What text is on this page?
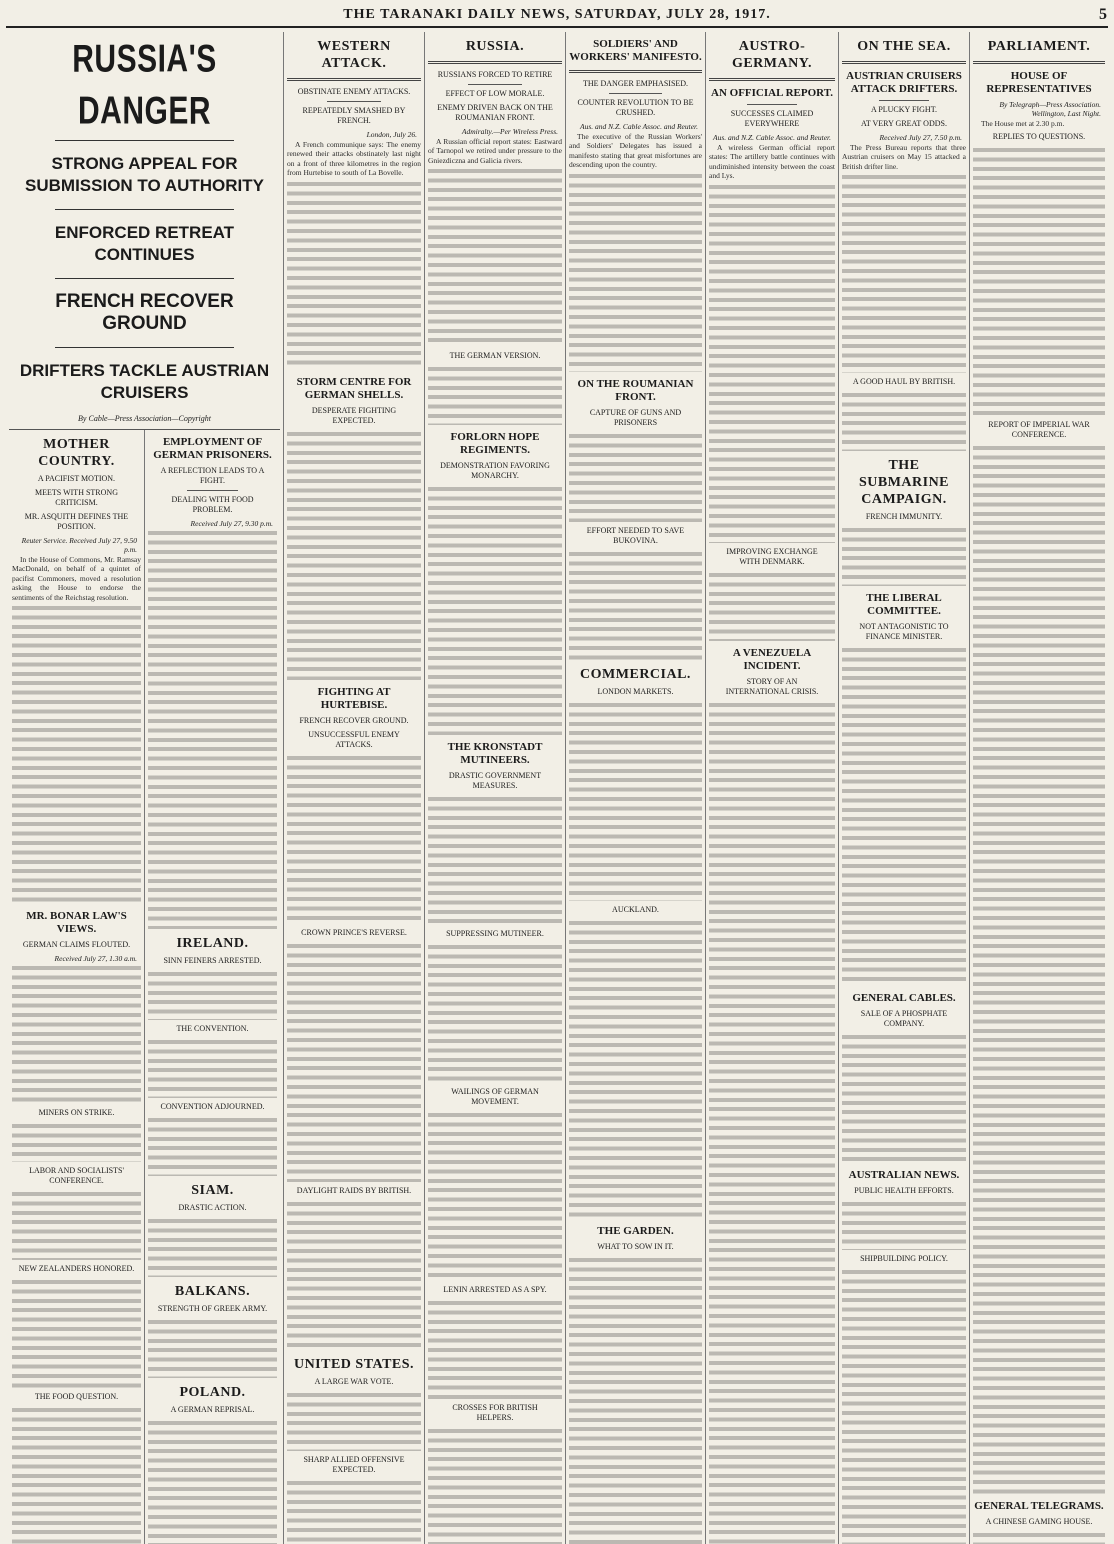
THE TARANAKI DAILY NEWS, SATURDAY, JULY 28, 1917.	5
RUSSIA'S DANGER
STRONG APPEAL FOR SUBMISSION TO AUTHORITY
ENFORCED RETREAT CONTINUES
FRENCH RECOVER GROUND
DRIFTERS TACKLE AUSTRIAN CRUISERS
By Cable—Press Association—Copyright
MOTHER COUNTRY.
A PACIFIST MOTION.
MEETS WITH STRONG CRITICISM.
MR. ASQUITH DEFINES THE POSITION.
Reuter Service. Received July 27, 9.50 p.m.

In the House of Commons, Mr. Ramsay MacDonald, on behalf of a quintet of pacifist Commoners, moved a resolution asking the House to endorse the sentiments of the Reichstag resolution.

MR. BONAR LAW'S VIEWS.
GERMAN CLAIMS FLOUTED.
Received July 27, 1.30 a.m.
MINERS ON STRIKE.
LABOR AND SOCIALISTS' CONFERENCE.
NEW ZEALANDERS HONORED.
THE FOOD QUESTION.
EMPLOYMENT OF GERMAN PRISONERS.
A REFLECTION LEADS TO A FIGHT.
DEALING WITH FOOD PROBLEM.
Received July 27, 9.30 p.m.
IRELAND.
SINN FEINERS ARRESTED.
THE CONVENTION.
CONVENTION ADJOURNED.
SIAM.
DRASTIC ACTION.
BALKANS.
STRENGTH OF GREEK ARMY.
POLAND.
A GERMAN REPRISAL.
WESTERN ATTACK.
OBSTINATE ENEMY ATTACKS.
REPEATEDLY SMASHED BY FRENCH.
London, July 26.

A French communique says: The enemy renewed their attacks obstinately last night on a front of three kilometres in the region from Hurtebise to south of La Bovelle.

STORM CENTRE FOR GERMAN SHELLS.
DESPERATE FIGHTING EXPECTED.
FIGHTING AT HURTEBISE.
FRENCH RECOVER GROUND.
UNSUCCESSFUL ENEMY ATTACKS.
CROWN PRINCE'S REVERSE.
DAYLIGHT RAIDS BY BRITISH.
UNITED STATES.
A LARGE WAR VOTE.
SHARP ALLIED OFFENSIVE EXPECTED.
RUSSIA.
RUSSIANS FORCED TO RETIRE
EFFECT OF LOW MORALE.
ENEMY DRIVEN BACK ON THE ROUMANIAN FRONT.
Admiralty.—Per Wireless Press.

A Russian official report states: Eastward of Tarnopol we retired under pressure to the Gniezdiczna and Galicia rivers.

THE GERMAN VERSION.
FORLORN HOPE REGIMENTS.
DEMONSTRATION FAVORING MONARCHY.
THE KRONSTADT MUTINEERS.
DRASTIC GOVERNMENT MEASURES.
SUPPRESSING MUTINEER.
WAILINGS OF GERMAN MOVEMENT.
LENIN ARRESTED AS A SPY.
CROSSES FOR BRITISH HELPERS.
SOLDIERS' AND WORKERS' MANIFESTO.
THE DANGER EMPHASISED.
COUNTER REVOLUTION TO BE CRUSHED.
Aus. and N.Z. Cable Assoc. and Reuter.

The executive of the Russian Workers' and Soldiers' Delegates has issued a manifesto stating that great misfortunes are descending upon the country.

ON THE ROUMANIAN FRONT.
CAPTURE OF GUNS AND PRISONERS
EFFORT NEEDED TO SAVE BUKOVINA.
COMMERCIAL.
LONDON MARKETS.
AUCKLAND.
THE GARDEN.
WHAT TO SOW IN IT.
AUSTRO-GERMANY.
AN OFFICIAL REPORT.
SUCCESSES CLAIMED EVERYWHERE
Aus. and N.Z. Cable Assoc. and Reuter.

A wireless German official report states: The artillery battle continues with undiminished intensity between the coast and Lys.

IMPROVING EXCHANGE WITH DENMARK.
A VENEZUELA INCIDENT.
STORY OF AN INTERNATIONAL CRISIS.
ON THE SEA.
AUSTRIAN CRUISERS ATTACK DRIFTERS.
A PLUCKY FIGHT.
AT VERY GREAT ODDS.
Received July 27, 7.50 p.m.

The Press Bureau reports that three Austrian cruisers on May 15 attacked a British drifter line.

A GOOD HAUL BY BRITISH.
THE SUBMARINE CAMPAIGN.
FRENCH IMMUNITY.
THE LIBERAL COMMITTEE.
NOT ANTAGONISTIC TO FINANCE MINISTER.
GENERAL CABLES.
SALE OF A PHOSPHATE COMPANY.
AUSTRALIAN NEWS.
PUBLIC HEALTH EFFORTS.
SHIPBUILDING POLICY.
PARLIAMENT.
HOUSE OF REPRESENTATIVES
By Telegraph—Press Association. Wellington, Last Night.

The House met at 2.30 p.m.

REPLIES TO QUESTIONS.
REPORT OF IMPERIAL WAR CONFERENCE.
GENERAL TELEGRAMS.
A CHINESE GAMING HOUSE.
